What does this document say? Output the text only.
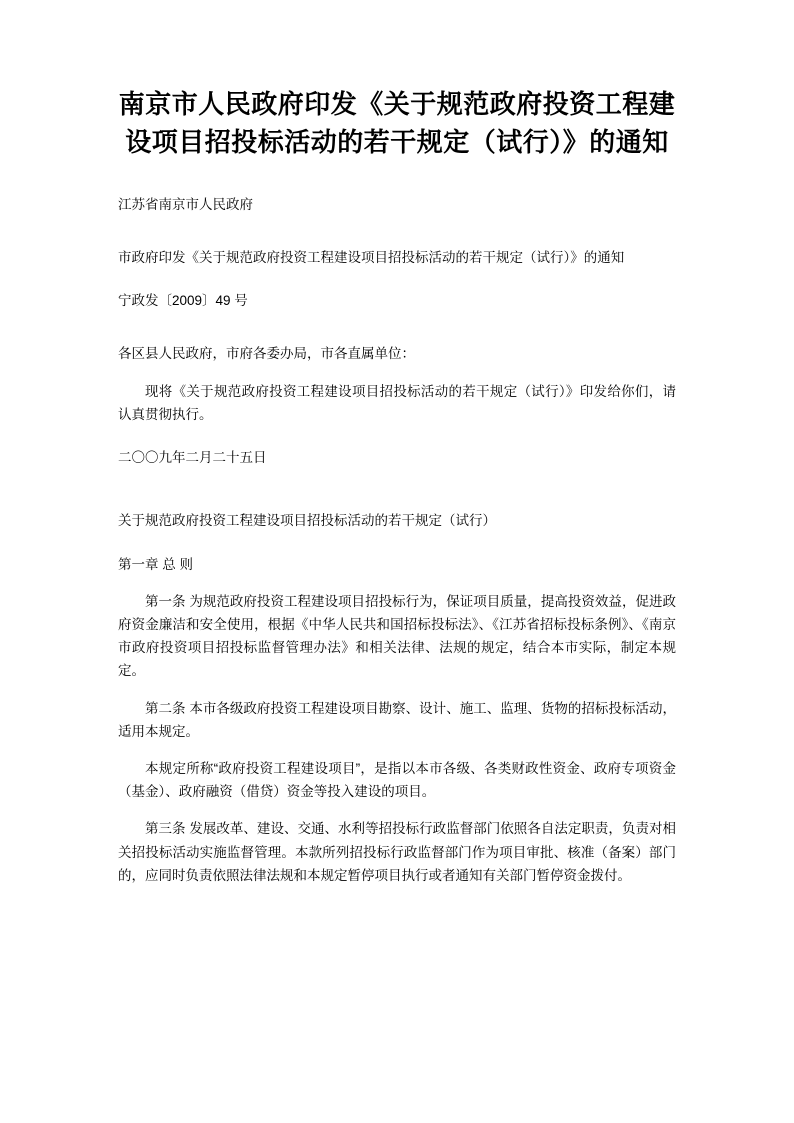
南京市人民政府印发《关于规范政府投资工程建设项目招投标活动的若干规定（试行）》的通知

江苏省南京市人民政府

市政府印发《关于规范政府投资工程建设项目招投标活动的若干规定（试行）》的通知

宁政发〔2009〕49 号

各区县人民政府，市府各委办局，市各直属单位：

现将《关于规范政府投资工程建设项目招投标活动的若干规定（试行）》印发给你们，请认真贯彻执行。

二〇〇九年二月二十五日

关于规范政府投资工程建设项目招投标活动的若干规定（试行）

第一章 总 则

第一条 为规范政府投资工程建设项目招投标行为，保证项目质量，提高投资效益，促进政府资金廉洁和安全使用，根据《中华人民共和国招标投标法》、《江苏省招标投标条例》、《南京市政府投资项目招投标监督管理办法》和相关法律、法规的规定，结合本市实际，制定本规定。

第二条 本市各级政府投资工程建设项目勘察、设计、施工、监理、货物的招标投标活动，适用本规定。

本规定所称“政府投资工程建设项目”，是指以本市各级、各类财政性资金、政府专项资金（基金）、政府融资（借贷）资金等投入建设的项目。

第三条 发展改革、建设、交通、水利等招投标行政监督部门依照各自法定职责，负责对相关招投标活动实施监督管理。本款所列招投标行政监督部门作为项目审批、核准（备案）部门的，应同时负责依照法律法规和本规定暂停项目执行或者通知有关部门暂停资金拨付。
